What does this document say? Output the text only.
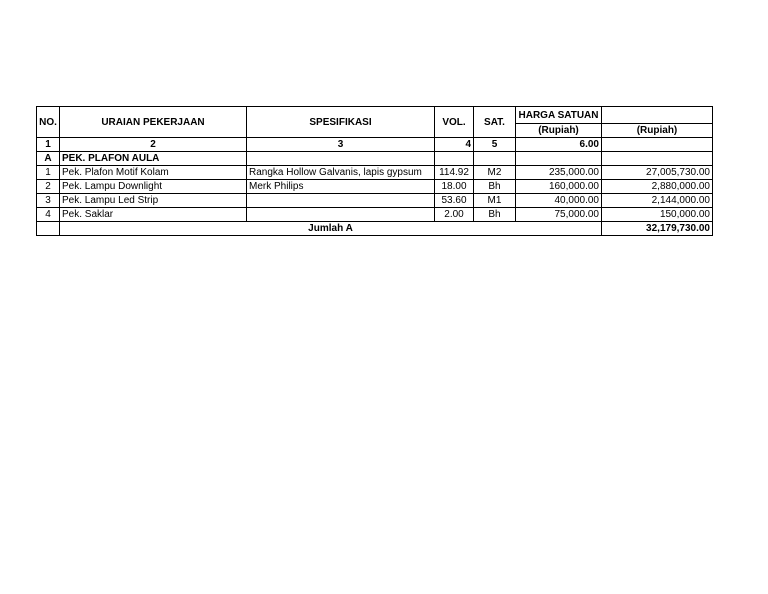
NO.	URAIAN PEKERJAAN	SPESIFIKASI	VOL.	SAT.	HARGA SATUAN	
					(Rupiah)	(Rupiah)
1	2	3	4	5	6.00	
A	PEK. PLAFON AULA					
1	Pek. Plafon Motif Kolam	Rangka Hollow Galvanis, lapis gypsum	114.92	M2	235,000.00	27,005,730.00
2	Pek. Lampu Downlight	Merk Philips	18.00	Bh	160,000.00	2,880,000.00
3	Pek. Lampu Led Strip		53.60	M1	40,000.00	2,144,000.00
4	Pek. Saklar		2.00	Bh	75,000.00	150,000.00
	Jumlah A					32,179,730.00
